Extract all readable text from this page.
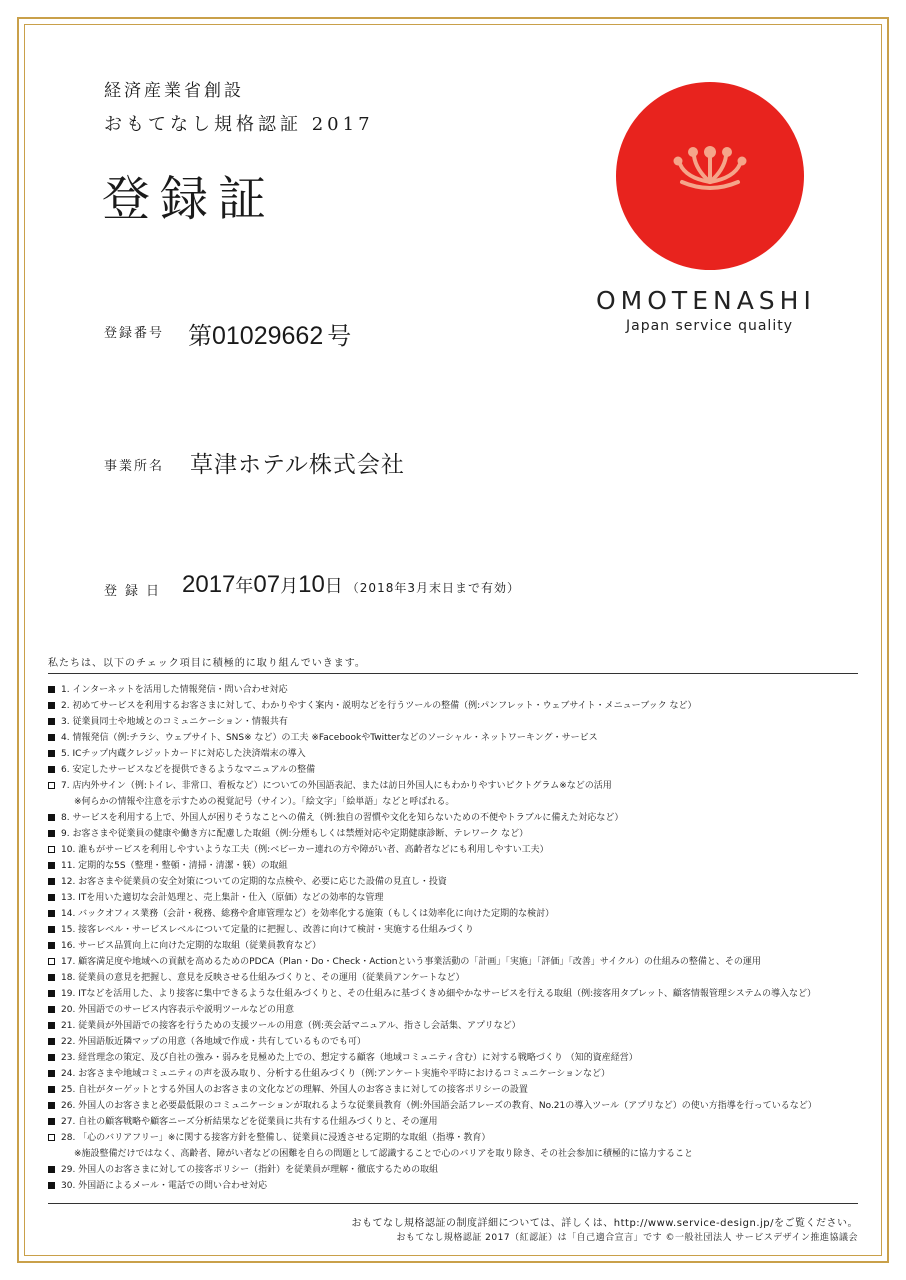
経済産業省創設
おもてなし規格認証 2017
登録証
OMOTENASHI
Japan service quality
登録番号 第01029662 号
事業所名 草津ホテル株式会社
登録日 2017年07月10日 （2018年3月末日まで有効）
私たちは、以下のチェック項目に積極的に取り組んでいきます。
1. インターネットを活用した情報発信・問い合わせ対応
2. 初めてサービスを利用するお客さまに対して、わかりやすく案内・説明などを行うツールの整備（例:パンフレット・ウェブサイト・メニューブック など）
3. 従業員同士や地域とのコミュニケーション・情報共有
4. 情報発信（例:チラシ、ウェブサイト、SNS※ など）の工夫 ※FacebookやTwitterなどのソーシャル・ネットワーキング・サービス
5. ICチップ内蔵クレジットカードに対応した決済端末の導入
6. 安定したサービスなどを提供できるようなマニュアルの整備
7. 店内外サイン（例:トイレ、非常口、看板など）についての外国語表記、または訪日外国人にもわかりやすいピクトグラム※などの活用
※何らかの情報や注意を示すための視覚記号（サイン）。「絵文字」「絵単語」などと呼ばれる。
8. サービスを利用する上で、外国人が困りそうなことへの備え（例:独自の習慣や文化を知らないための不便やトラブルに備えた対応など）
9. お客さまや従業員の健康や働き方に配慮した取組（例:分煙もしくは禁煙対応や定期健康診断、テレワーク など）
10. 誰もがサービスを利用しやすいような工夫（例:ベビーカー連れの方や障がい者、高齢者などにも利用しやすい工夫）
11. 定期的な5S（整理・整頓・清掃・清潔・躾）の取組
12. お客さまや従業員の安全対策についての定期的な点検や、必要に応じた設備の見直し・投資
13. ITを用いた適切な会計処理と、売上集計・仕入（原価）などの効率的な管理
14. バックオフィス業務（会計・税務、総務や倉庫管理など）を効率化する施策（もしくは効率化に向けた定期的な検討）
15. 接客レベル・サービスレベルについて定量的に把握し、改善に向けて検討・実施する仕組みづくり
16. サービス品質向上に向けた定期的な取組（従業員教育など）
17. 顧客満足度や地域への貢献を高めるためのPDCA（Plan・Do・Check・Actionという事業活動の「計画」「実施」「評価」「改善」サイクル）の仕組みの整備と、その運用
18. 従業員の意見を把握し、意見を反映させる仕組みづくりと、その運用（従業員アンケートなど）
19. ITなどを活用した、より接客に集中できるような仕組みづくりと、その仕組みに基づくきめ細やかなサービスを行える取組（例:接客用タブレット、顧客情報管理システムの導入など）
20. 外国語でのサービス内容表示や説明ツールなどの用意
21. 従業員が外国語での接客を行うための支援ツールの用意（例:英会話マニュアル、指さし会話集、アプリなど）
22. 外国語版近隣マップの用意（各地域で作成・共有しているものでも可）
23. 経営理念の策定、及び自社の強み・弱みを見極めた上での、想定する顧客（地域コミュニティ含む）に対する戦略づくり （知的資産経営）
24. お客さまや地域コミュニティの声を汲み取り、分析する仕組みづくり（例:アンケート実施や平時におけるコミュニケーションなど）
25. 自社がターゲットとする外国人のお客さまの文化などの理解、外国人のお客さまに対しての接客ポリシーの設置
26. 外国人のお客さまと必要最低限のコミュニケーションが取れるような従業員教育（例:外国語会話フレーズの教育、No.21の導入ツール（アプリなど）の使い方指導を行っているなど）
27. 自社の顧客戦略や顧客ニーズ分析結果などを従業員に共有する仕組みづくりと、その運用
28. 「心のバリアフリー」※に関する接客方針を整備し、従業員に浸透させる定期的な取組（指導・教育）
※施設整備だけではなく、高齢者、障がい者などの困難を自らの問題として認識することで心のバリアを取り除き、その社会参加に積極的に協力すること
29. 外国人のお客さまに対しての接客ポリシー（指針）を従業員が理解・徹底するための取組
30. 外国語によるメール・電話での問い合わせ対応
おもてなし規格認証の制度詳細については、詳しくは、http://www.service-design.jp/をご覧ください。
おもてなし規格認証 2017（紅認証）は「自己適合宣言」です ©一般社団法人 サービスデザイン推進協議会
